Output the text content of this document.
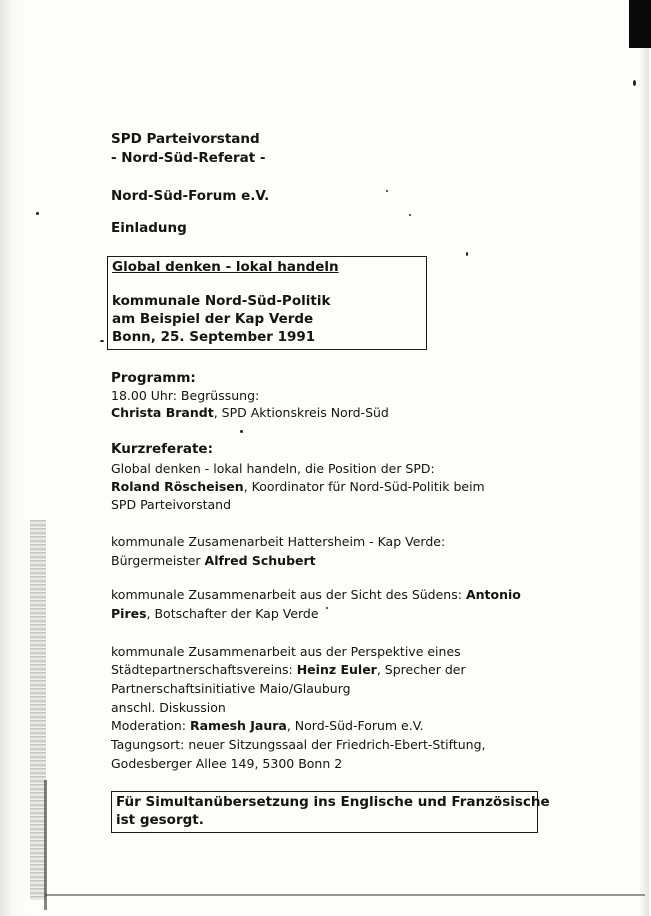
SPD Parteivorstand
- Nord-Süd-Referat -
Nord-Süd-Forum e.V.
Einladung
Programm:
18.00 Uhr: Begrüssung:
Christa Brandt, SPD Aktionskreis Nord-Süd
Kurzreferate:
Global denken - lokal handeln, die Position der SPD:
Roland Röscheisen, Koordinator für Nord-Süd-Politik beim
SPD Parteivorstand
kommunale Zusamenarbeit Hattersheim - Kap Verde:
Bürgermeister Alfred Schubert
kommunale Zusammenarbeit aus der Sicht des Südens: Antonio
Pires, Botschafter der Kap Verde
kommunale Zusammenarbeit aus der Perspektive eines
Städtepartnerschaftsvereins: Heinz Euler, Sprecher der
Partnerschaftsinitiative Maio/Glauburg
anschl. Diskussion
Moderation: Ramesh Jaura, Nord-Süd-Forum e.V.
Tagungsort: neuer Sitzungssaal der Friedrich-Ebert-Stiftung,
Godesberger Allee 149, 5300 Bonn 2
Global denken - lokal handeln
kommunale Nord-Süd-Politik
am Beispiel der Kap Verde
Bonn, 25. September 1991
Für Simultanübersetzung ins Englische und Französische
ist gesorgt.
